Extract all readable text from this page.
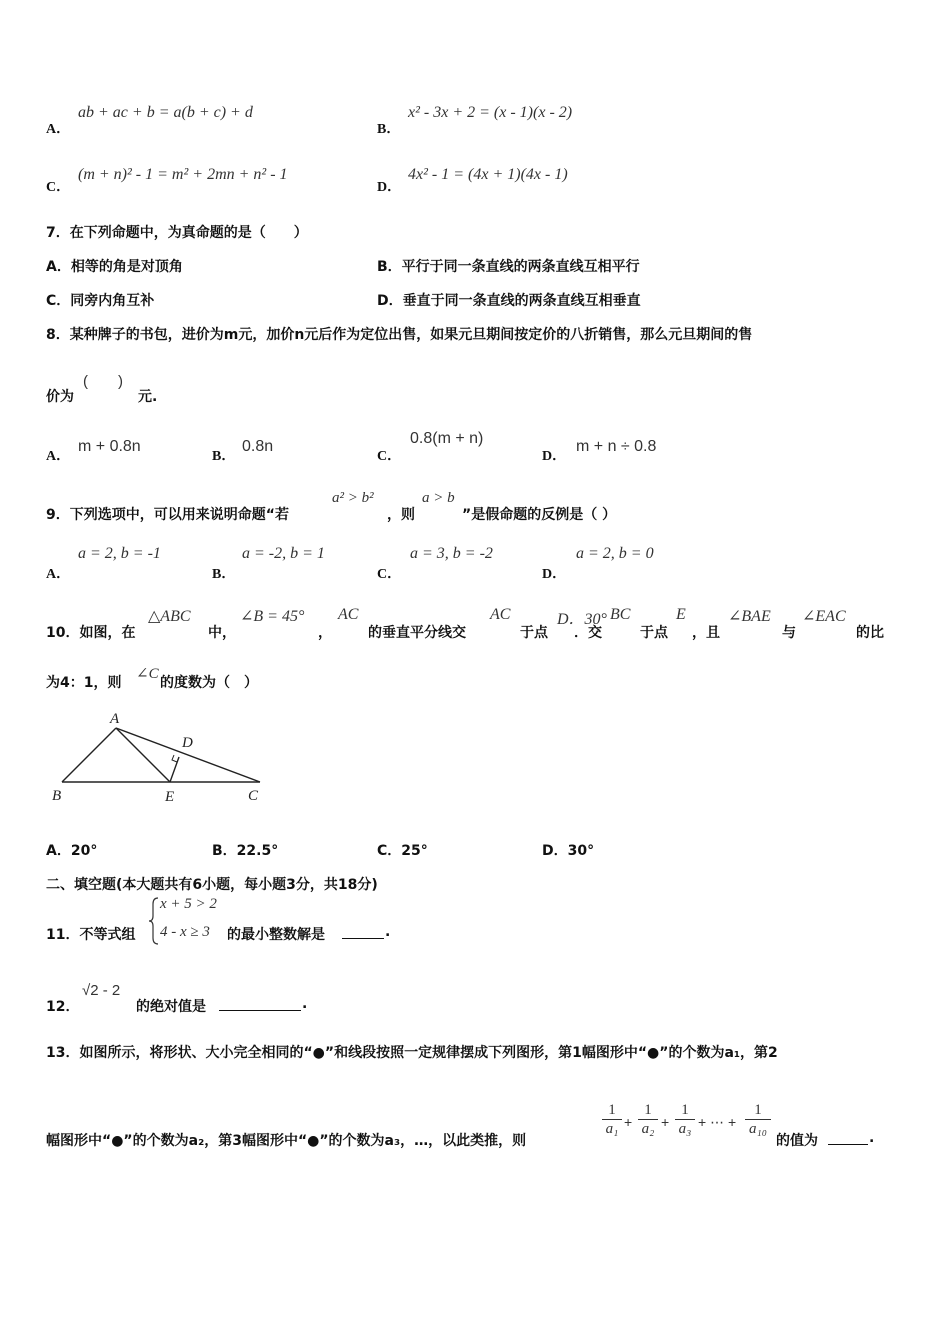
A．
ab + ac + b = a(b + c) + d
B．
x² - 3x + 2 = (x - 1)(x - 2)
C．
(m + n)² - 1 = m² + 2mn + n² - 1
D．
4x² - 1 = (4x + 1)(4x - 1)
7．在下列命题中，为真命题的是（　　）
A．相等的角是对顶角	B．平行于同一条直线的两条直线互相平行
C．同旁内角互补	D．垂直于同一条直线的两条直线互相垂直
8．某种牌子的书包，进价为m元，加价n元后作为定位出售，如果元旦期间按定价的八折销售，那么元旦期间的售
价为
(　　)
元.
A．
m + 0.8n
B．
0.8n
C．
0.8(m + n)
D．
m + n ÷ 0.8
9．下列选项中，可以用来说明命题“若
a² > b²
，则
a > b
”是假命题的反例是（ ）
A．
a = 2, b = -1
B．
a = -2, b = 1
C．
a = 3, b = -2
D．
a = 2, b = 0
10．如图，在
△ABC
中，
∠B = 45°
，
AC
的垂直平分线交
AC
于点
D．30°
．交
BC
于点
E
，且
∠BAE
与
∠EAC
的比
为4：1，则
∠C
的度数为（　）
A
B	C
D
E
A．20°	B．22.5°	C．25°	D．30°
二、填空题(本大题共有6小题，每小题3分，共18分)
11．不等式组
x + 5 > 2
4 - x ≥ 3 的最小整数解是	.
12．
√2 - 2
的绝对值是	.
13．如图所示，将形状、大小完全相同的“●”和线段按照一定规律摆成下列图形，第1幅图形中“●”的个数为a₁，第2
幅图形中“●”的个数为a₂，第3幅图形中“●”的个数为a₃，…，以此类推，则
1
a₁ +
1
a₂ +
1
a₃ + ⋯ +
1
a₁₀
的值为	.
